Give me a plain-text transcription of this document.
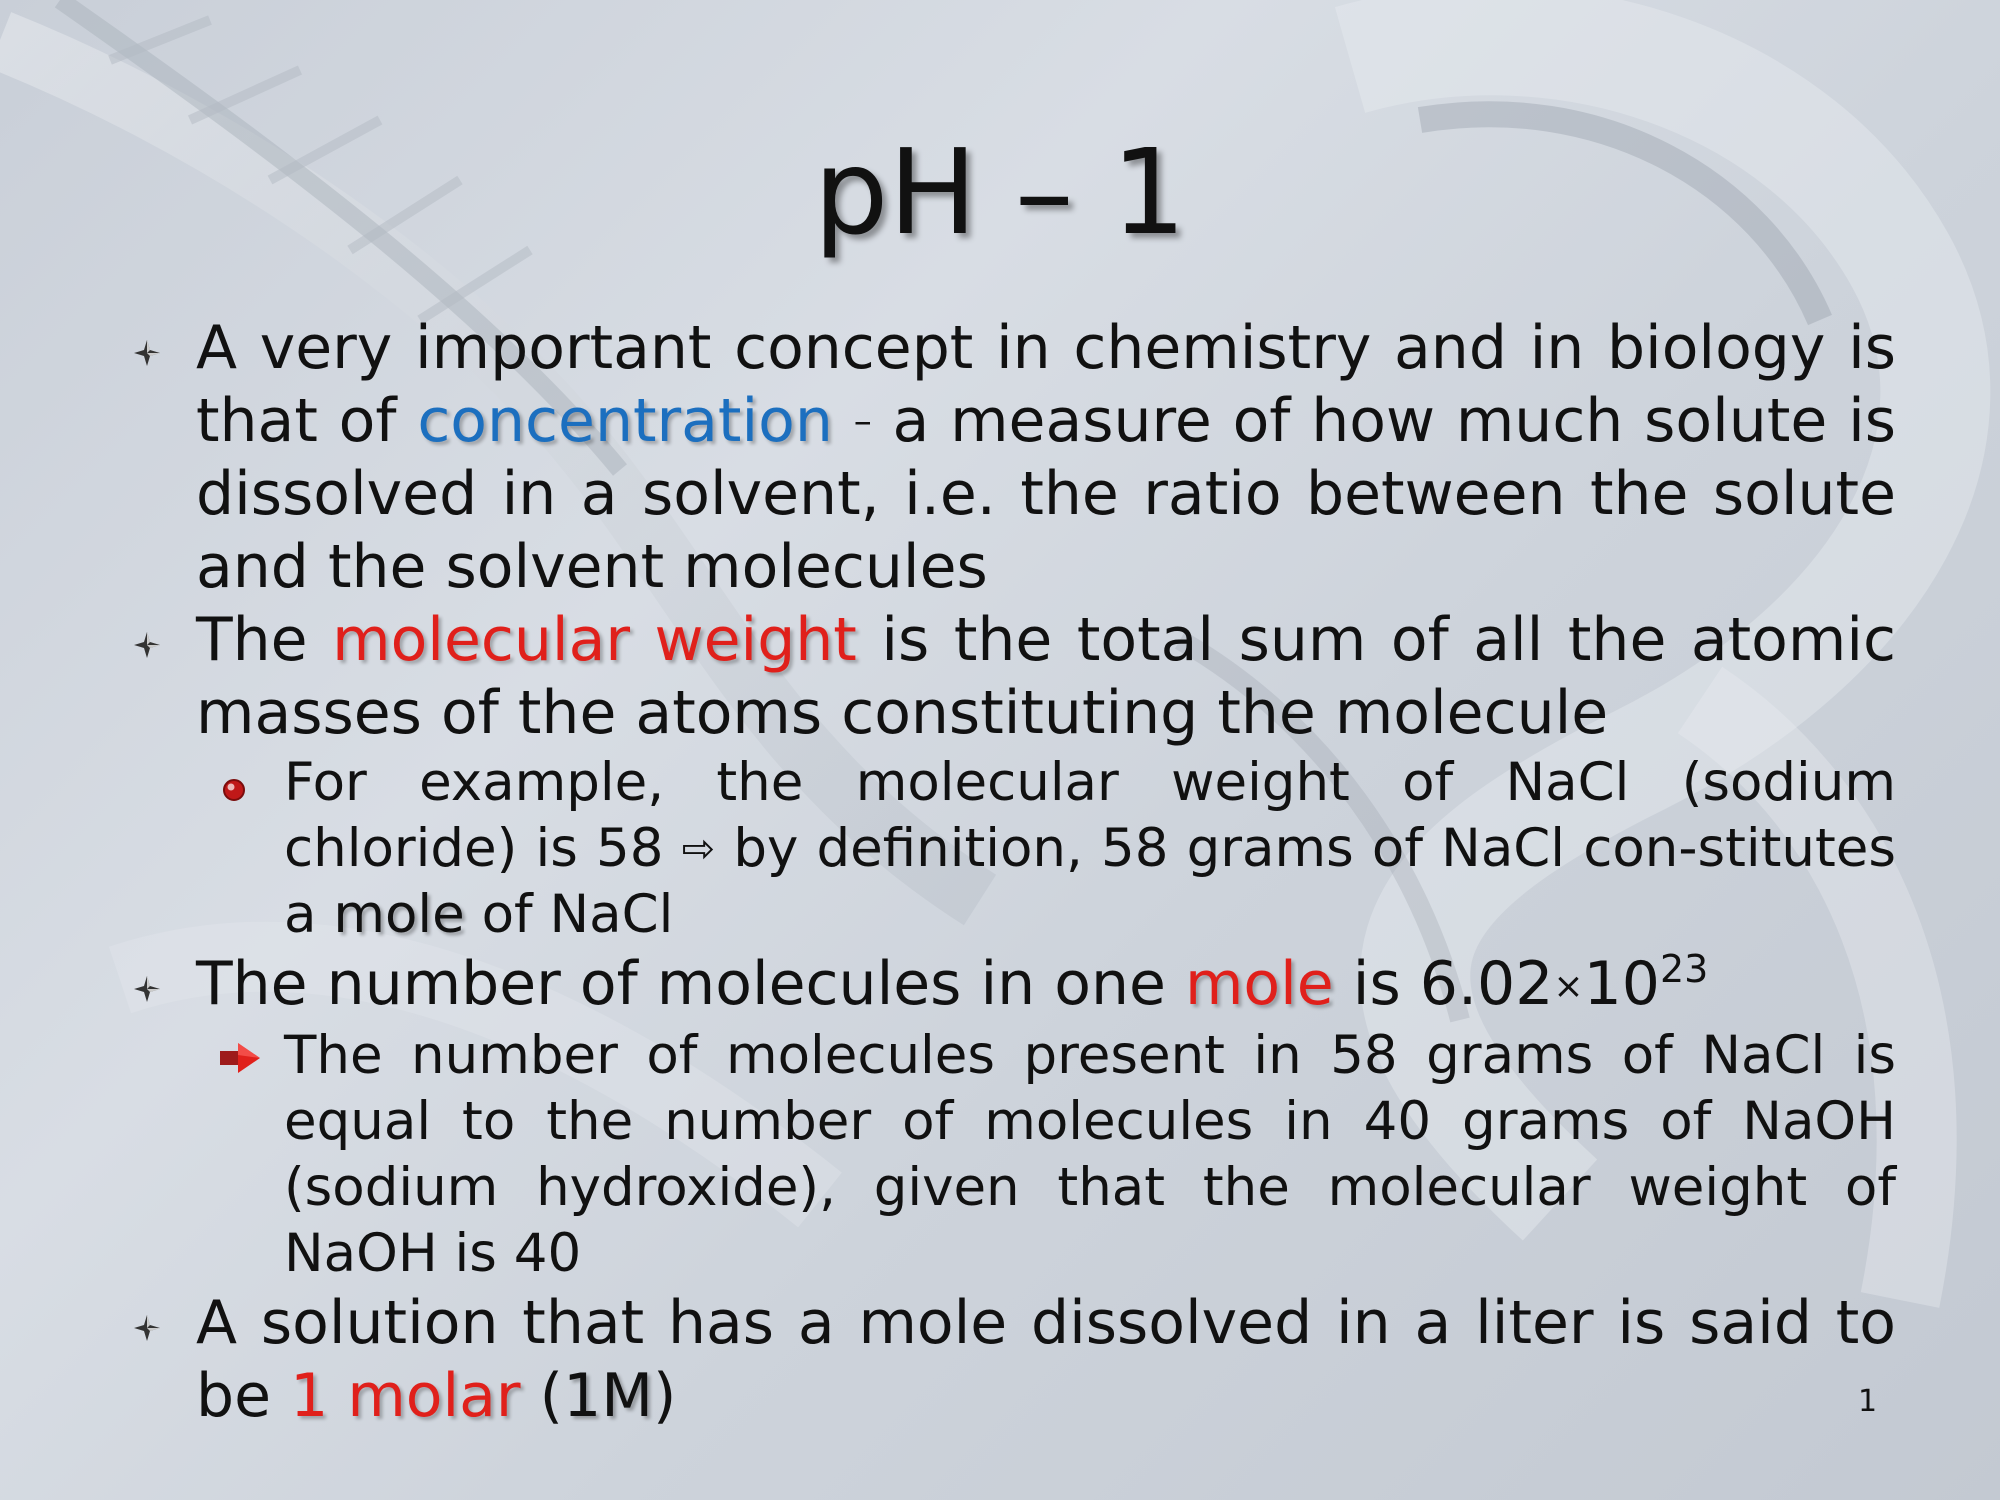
pH – 1
A very important concept in chemistry and in biology is that of concentration – a measure of how much solute is dissolved in a solvent, i.e. the ratio between the solute and the solvent molecules
The molecular weight is the total sum of all the atomic masses of the atoms constituting the molecule
For example, the molecular weight of NaCl (sodium chloride) is 58 ⇨ by definition, 58 grams of NaCl con-stitutes a mole of NaCl
The number of molecules in one mole is $6.02\times 10^{23}$
The number of molecules present in 58 grams of NaCl is equal to the number of molecules in 40 grams of NaOH (sodium hydroxide), given that the molecular weight of NaOH is 40
A solution that has a mole dissolved in a liter is said to be 1 molar (1M)	1
